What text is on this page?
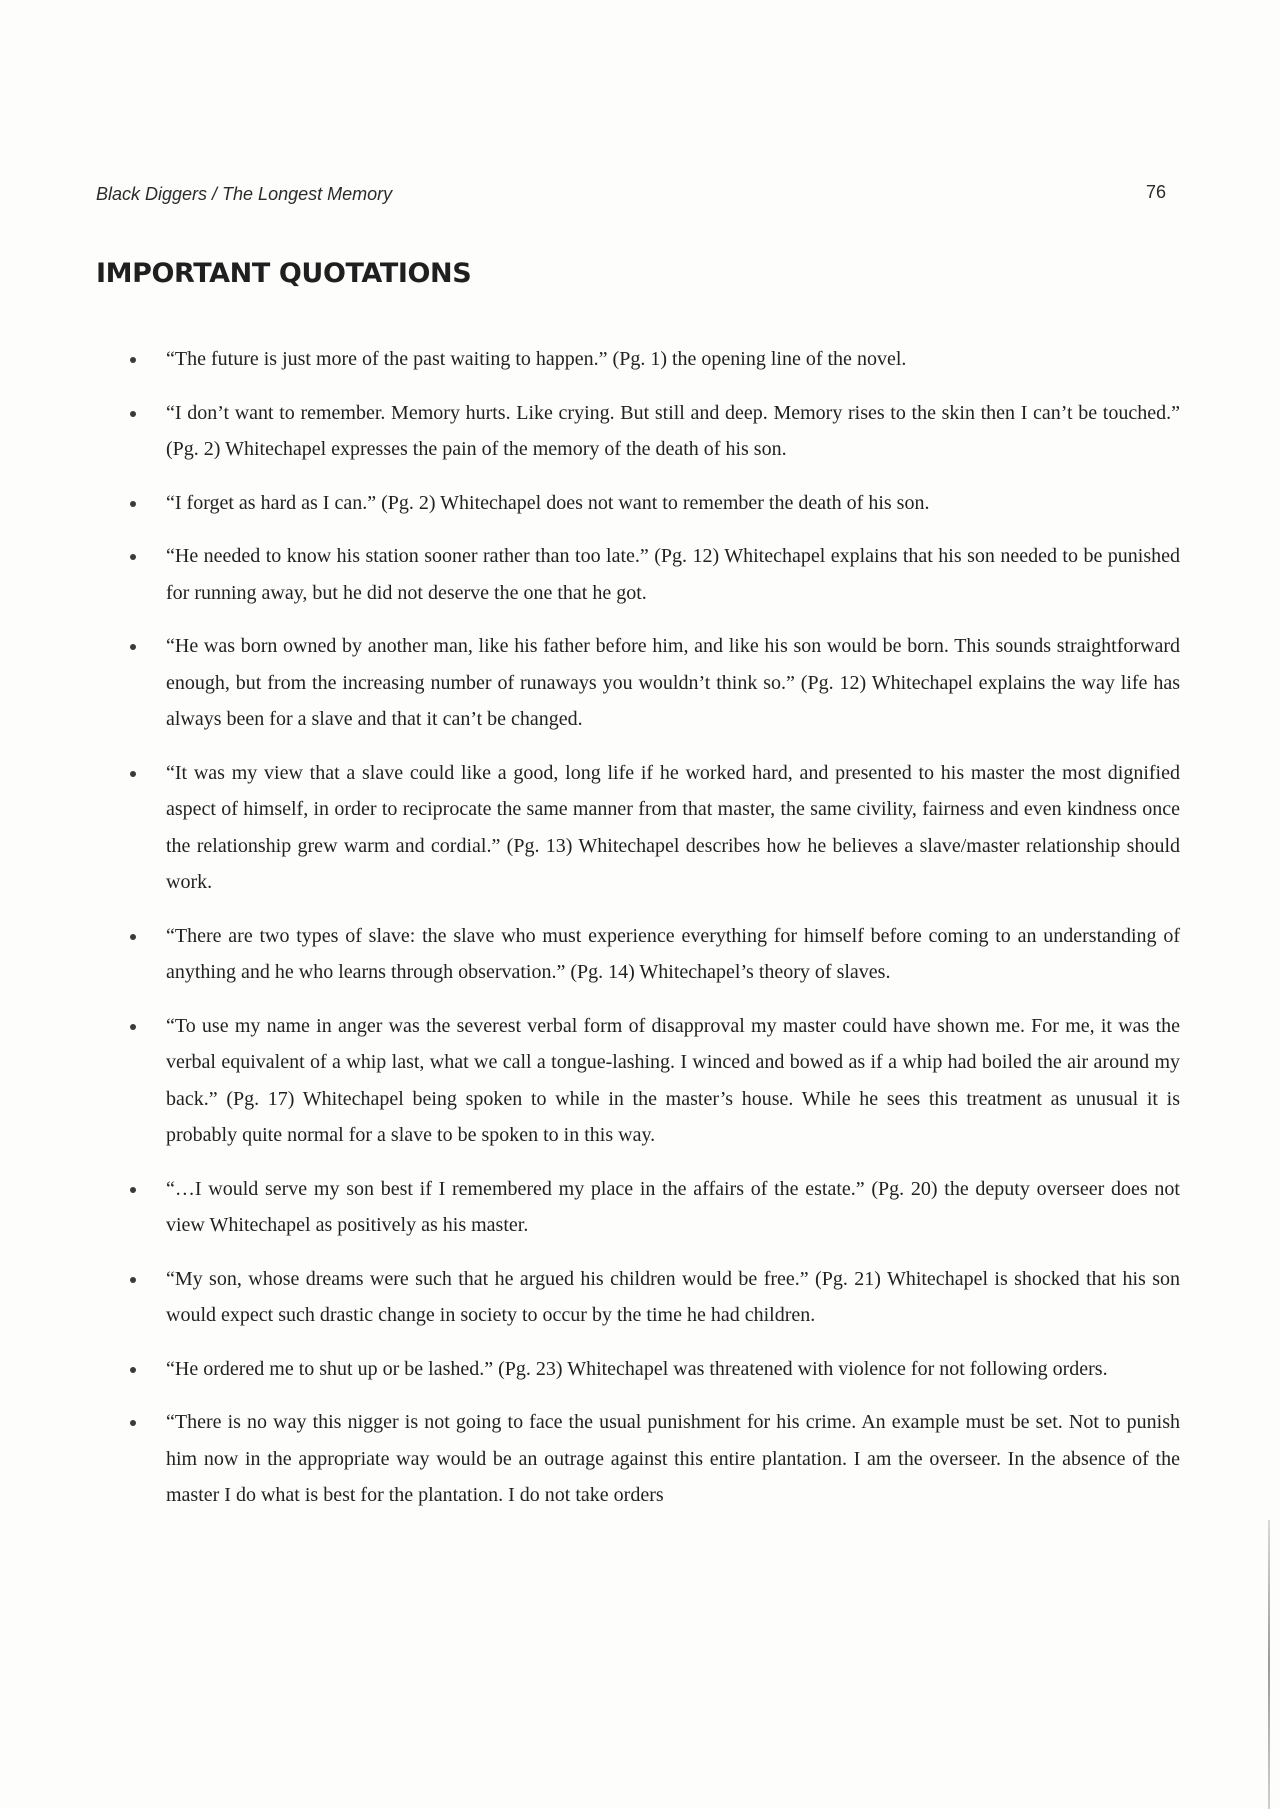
Black Diggers / The Longest Memory	76
IMPORTANT QUOTATIONS
“The future is just more of the past waiting to happen.” (Pg. 1) the opening line of the novel.
“I don’t want to remember. Memory hurts. Like crying. But still and deep. Memory rises to the skin then I can’t be touched.” (Pg. 2) Whitechapel expresses the pain of the memory of the death of his son.
“I forget as hard as I can.” (Pg. 2) Whitechapel does not want to remember the death of his son.
“He needed to know his station sooner rather than too late.” (Pg. 12) Whitechapel explains that his son needed to be punished for running away, but he did not deserve the one that he got.
“He was born owned by another man, like his father before him, and like his son would be born. This sounds straightforward enough, but from the increasing number of runaways you wouldn’t think so.” (Pg. 12) Whitechapel explains the way life has always been for a slave and that it can’t be changed.
“It was my view that a slave could like a good, long life if he worked hard, and presented to his master the most dignified aspect of himself, in order to reciprocate the same manner from that master, the same civility, fairness and even kindness once the relationship grew warm and cordial.” (Pg. 13) Whitechapel describes how he believes a slave/master relationship should work.
“There are two types of slave: the slave who must experience everything for himself before coming to an understanding of anything and he who learns through observation.” (Pg. 14) Whitechapel’s theory of slaves.
“To use my name in anger was the severest verbal form of disapproval my master could have shown me. For me, it was the verbal equivalent of a whip last, what we call a tongue-lashing. I winced and bowed as if a whip had boiled the air around my back.” (Pg. 17) Whitechapel being spoken to while in the master’s house. While he sees this treatment as unusual it is probably quite normal for a slave to be spoken to in this way.
“…I would serve my son best if I remembered my place in the affairs of the estate.” (Pg. 20) the deputy overseer does not view Whitechapel as positively as his master.
“My son, whose dreams were such that he argued his children would be free.” (Pg. 21) Whitechapel is shocked that his son would expect such drastic change in society to occur by the time he had children.
“He ordered me to shut up or be lashed.” (Pg. 23) Whitechapel was threatened with violence for not following orders.
“There is no way this nigger is not going to face the usual punishment for his crime. An example must be set. Not to punish him now in the appropriate way would be an outrage against this entire plantation. I am the overseer. In the absence of the master I do what is best for the plantation. I do not take orders
